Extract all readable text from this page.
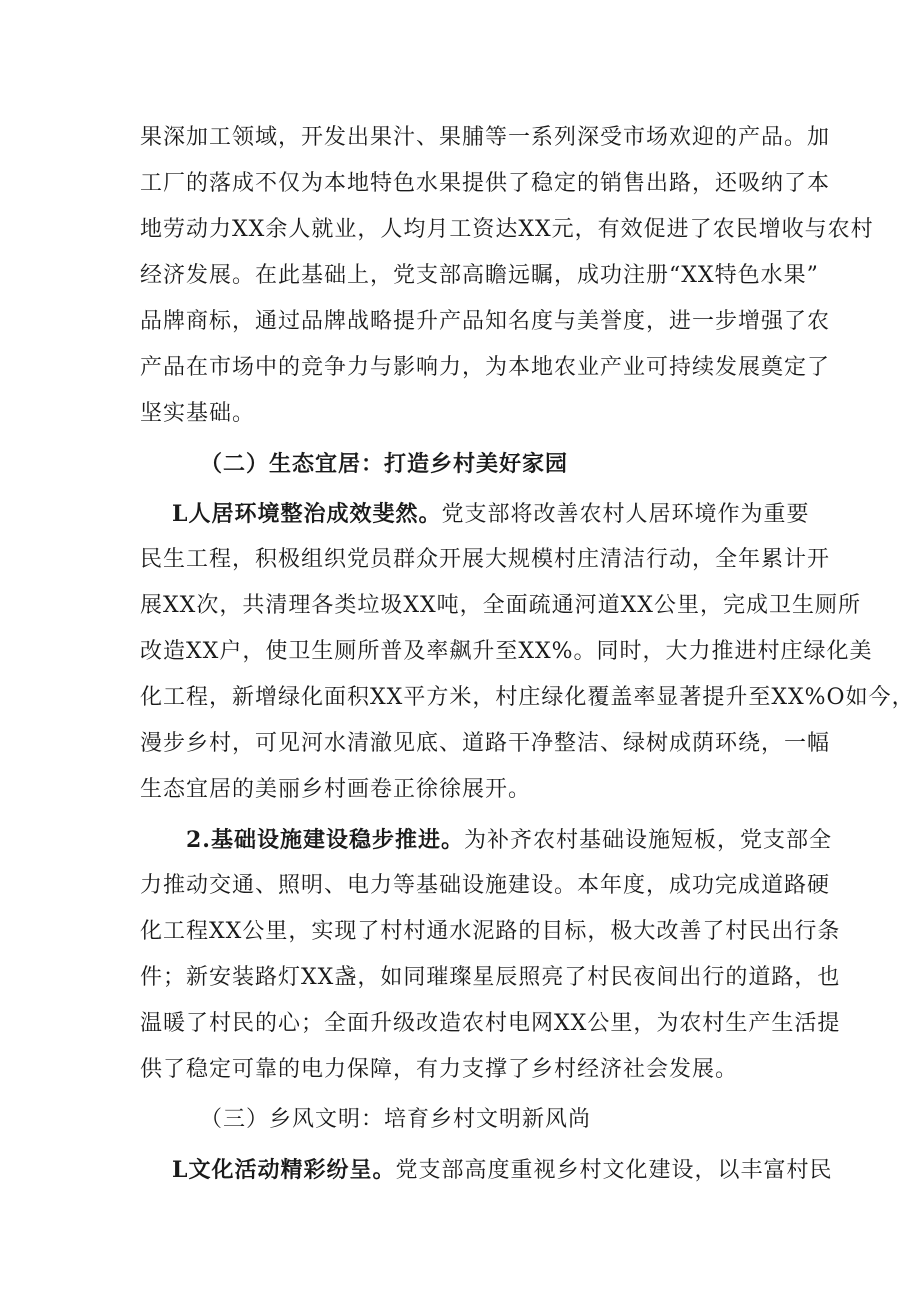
果深加工领域，开发出果汁、果脯等一系列深受市场欢迎的产品。加
工厂的落成不仅为本地特色水果提供了稳定的销售出路，还吸纳了本
地劳动力XX余人就业，人均月工资达XX元，有效促进了农民增收与农村
经济发展。在此基础上，党支部高瞻远瞩，成功注册“XX特色水果”
品牌商标，通过品牌战略提升产品知名度与美誉度，进一步增强了农
产品在市场中的竞争力与影响力，为本地农业产业可持续发展奠定了
坚实基础。
（二）生态宜居：打造乡村美好家园
L人居环境整治成效斐然。党支部将改善农村人居环境作为重要
民生工程，积极组织党员群众开展大规模村庄清洁行动，全年累计开
展XX次，共清理各类垃圾XX吨，全面疏通河道XX公里，完成卫生厕所
改造XX户，使卫生厕所普及率飙升至XX%。同时，大力推进村庄绿化美
化工程，新增绿化面积XX平方米，村庄绿化覆盖率显著提升至XX%O如今，
漫步乡村，可见河水清澈见底、道路干净整洁、绿树成荫环绕，一幅
生态宜居的美丽乡村画卷正徐徐展开。
2.基础设施建设稳步推进。为补齐农村基础设施短板，党支部全
力推动交通、照明、电力等基础设施建设。本年度，成功完成道路硬
化工程XX公里，实现了村村通水泥路的目标，极大改善了村民出行条
件；新安装路灯XX盏，如同璀璨星辰照亮了村民夜间出行的道路，也
温暖了村民的心；全面升级改造农村电网XX公里，为农村生产生活提
供了稳定可靠的电力保障，有力支撑了乡村经济社会发展。
（三）乡风文明：培育乡村文明新风尚
L文化活动精彩纷呈。党支部高度重视乡村文化建设，以丰富村民
